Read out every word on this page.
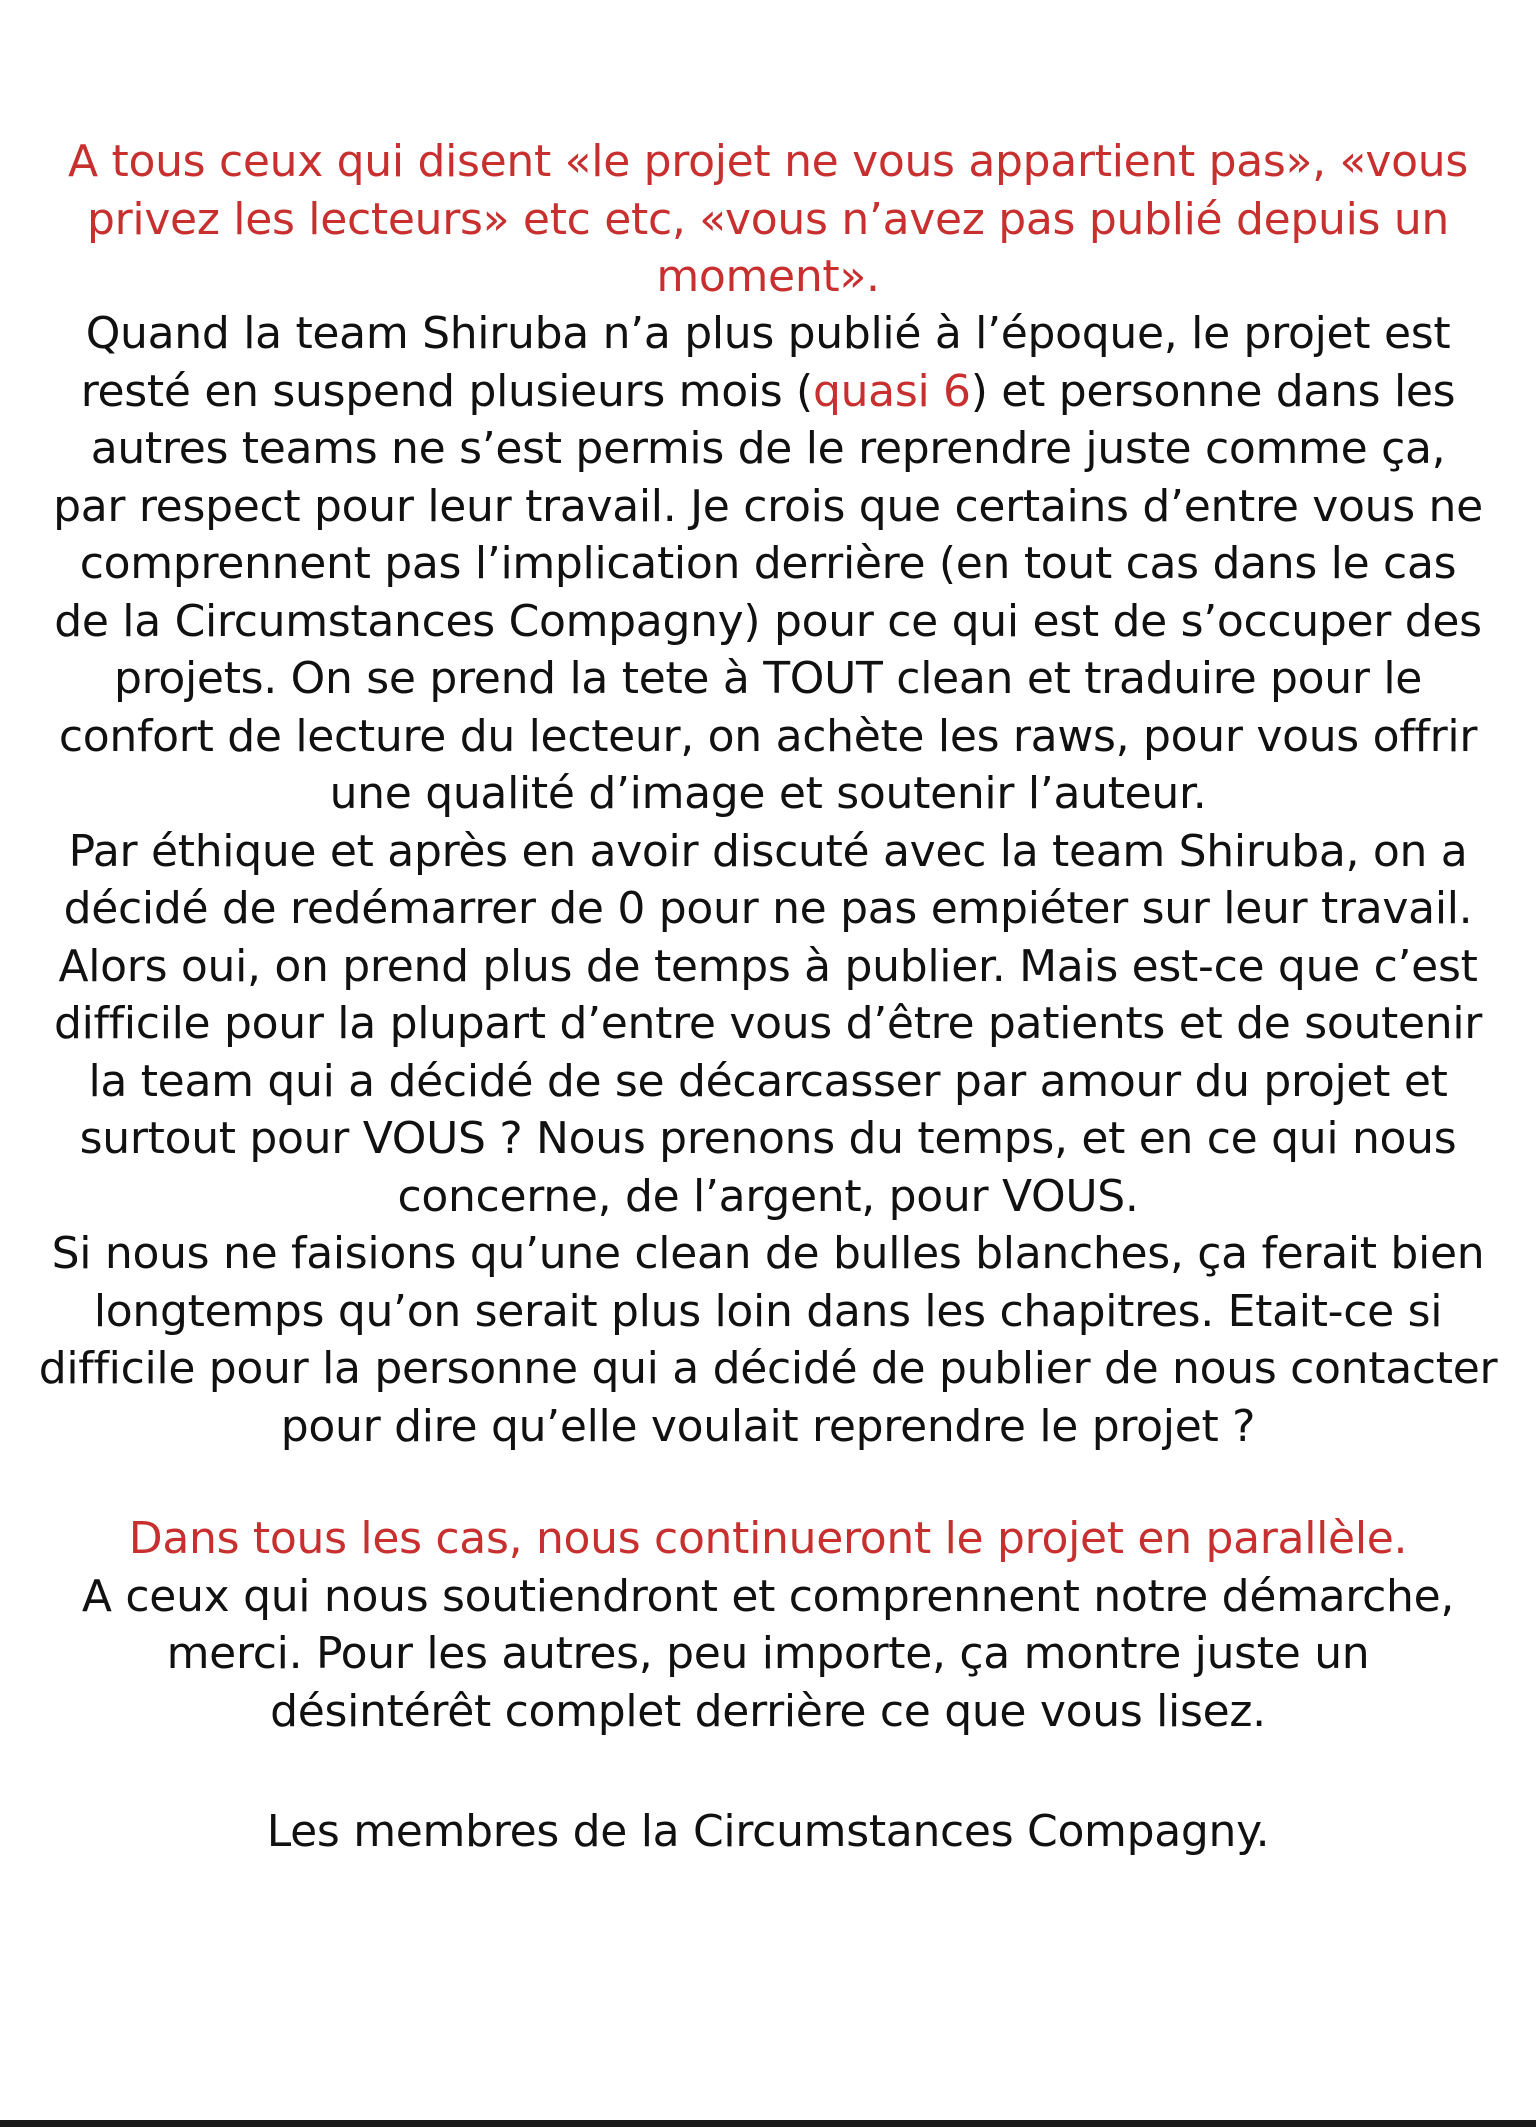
A tous ceux qui disent «le projet ne vous appartient pas», «vous
privez les lecteurs» etc etc, «vous n’avez pas publié depuis un
moment».
Quand la team Shiruba n’a plus publié à l’époque, le projet est
resté en suspend plusieurs mois (quasi 6) et personne dans les
autres teams ne s’est permis de le reprendre juste comme ça,
par respect pour leur travail. Je crois que certains d’entre vous ne
comprennent pas l’implication derrière (en tout cas dans le cas
de la Circumstances Compagny) pour ce qui est de s’occuper des
projets. On se prend la tete à TOUT clean et traduire pour le
confort de lecture du lecteur, on achète les raws, pour vous offrir
une qualité d’image et soutenir l’auteur.
Par éthique et après en avoir discuté avec la team Shiruba, on a
décidé de redémarrer de 0 pour ne pas empiéter sur leur travail.
Alors oui, on prend plus de temps à publier. Mais est-ce que c’est
difficile pour la plupart d’entre vous d’être patients et de soutenir
la team qui a décidé de se décarcasser par amour du projet et
surtout pour VOUS ? Nous prenons du temps, et en ce qui nous
concerne, de l’argent, pour VOUS.
Si nous ne faisions qu’une clean de bulles blanches, ça ferait bien
longtemps qu’on serait plus loin dans les chapitres. Etait-ce si
difficile pour la personne qui a décidé de publier de nous contacter
pour dire qu’elle voulait reprendre le projet ?
Dans tous les cas, nous continueront le projet en parallèle.
A ceux qui nous soutiendront et comprennent notre démarche,
merci. Pour les autres, peu importe, ça montre juste un
désintérêt complet derrière ce que vous lisez.
Les membres de la Circumstances Compagny.
